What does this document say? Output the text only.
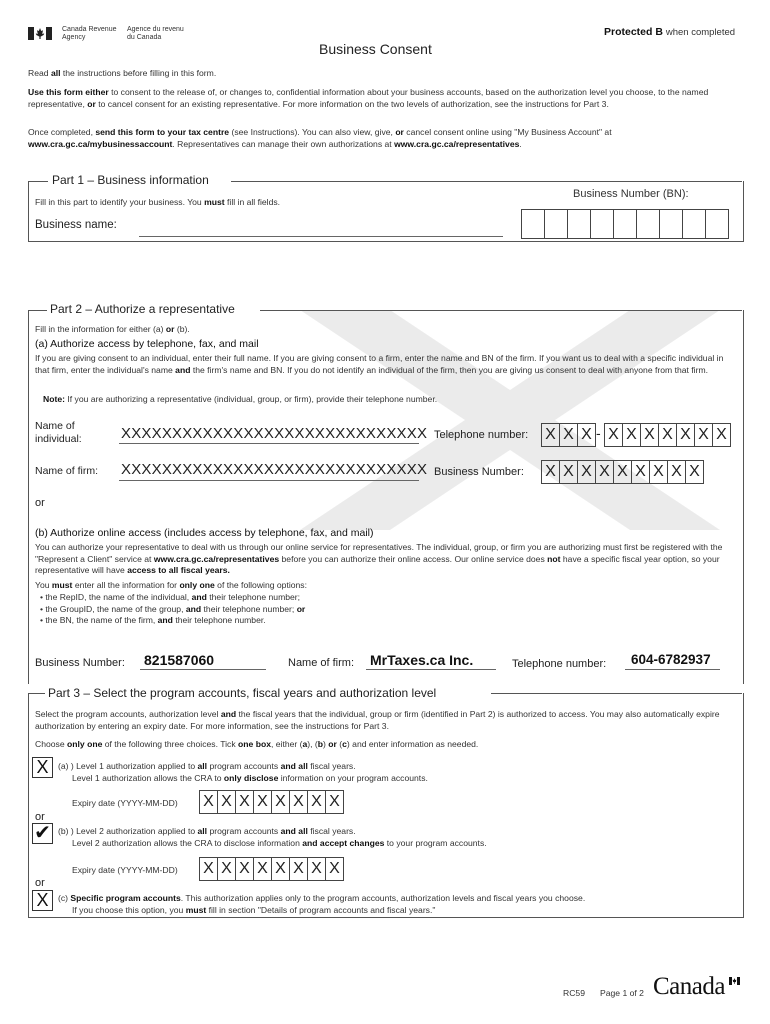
Canada Revenue
Agency
Agence du revenu
du Canada	Protected B when completed
Business Consent
Read all the instructions before filling in this form.
Use this form either to consent to the release of, or changes to, confidential information about your business accounts, based on the authorization level you choose, to the named representative, or to cancel consent for an existing representative. For more information on the two levels of authorization, see the instructions for Part 3.
Once completed, send this form to your tax centre (see Instructions). You can also view, give, or cancel consent online using "My Business Account" at www.cra.gc.ca/mybusinessaccount. Representatives can manage their own authorizations at www.cra.gc.ca/representatives.
Part 1 – Business information
Fill in this part to identify your business. You must fill in all fields.
Business Number (BN):
Business name:
Part 2 – Authorize a representative
Fill in the information for either (a) or (b).
(a) Authorize access by telephone, fax, and mail
If you are giving consent to an individual, enter their full name. If you are giving consent to a firm, enter the name and BN of the firm. If you want us to deal with a specific individual in that firm, enter the individual's name and the firm's name and BN. If you do not identify an individual of the firm, then you are giving us consent to deal with anyone from that firm.
Note: If you are authorizing a representative (individual, group, or firm), provide their telephone number.
Name of
individual:	XXXXXXXXXXXXXXXXXXXXXXXXXXXXXX Telephone number: X X X - X X X X X X X
Name of firm: XXXXXXXXXXXXXXXXXXXXXXXXXXXXXX Business Number: X X X X X X X X X
or
(b) Authorize online access (includes access by telephone, fax, and mail)
You can authorize your representative to deal with us through our online service for representatives. The individual, group, or firm you are authorizing must first be registered with the "Represent a Client" service at www.cra.gc.ca/representatives before you can authorize their online access. Our online service does not have a specific fiscal year option, so your representative will have access to all fiscal years.
You must enter all the information for only one of the following options:
• the RepID, the name of the individual, and their telephone number;
• the GroupID, the name of the group, and their telephone number; or
• the BN, the name of the firm, and their telephone number.
Business Number: 821587060	Name of firm: MrTaxes.ca Inc.	Telephone number: 604-6782937
Part 3 – Select the program accounts, fiscal years and authorization level
Select the program accounts, authorization level and the fiscal years that the individual, group or firm (identified in Part 2) is authorized to access. You may also automatically expire authorization by entering an expiry date. For more information, see the instructions for Part 3.
Choose only one of the following three choices. Tick one box, either (a), (b) or (c) and enter information as needed.
X	(a) ) Level 1 authorization applied to all program accounts and all fiscal years.
Level 1 authorization allows the CRA to only disclose information on your program accounts.
Expiry date (YYYY-MM-DD) X X X X X X X X
or
✔ (b) ) Level 2 authorization applied to all program accounts and all fiscal years.
Level 2 authorization allows the CRA to disclose information and accept changes to your program accounts.
Expiry date (YYYY-MM-DD) X X X X X X X X
or
X	(c) Specific program accounts. This authorization applies only to the program accounts, authorization levels and fiscal years you choose.
If you choose this option, you must fill in section "Details of program accounts and fiscal years."
RC59 Page 1 of 2 Canada
